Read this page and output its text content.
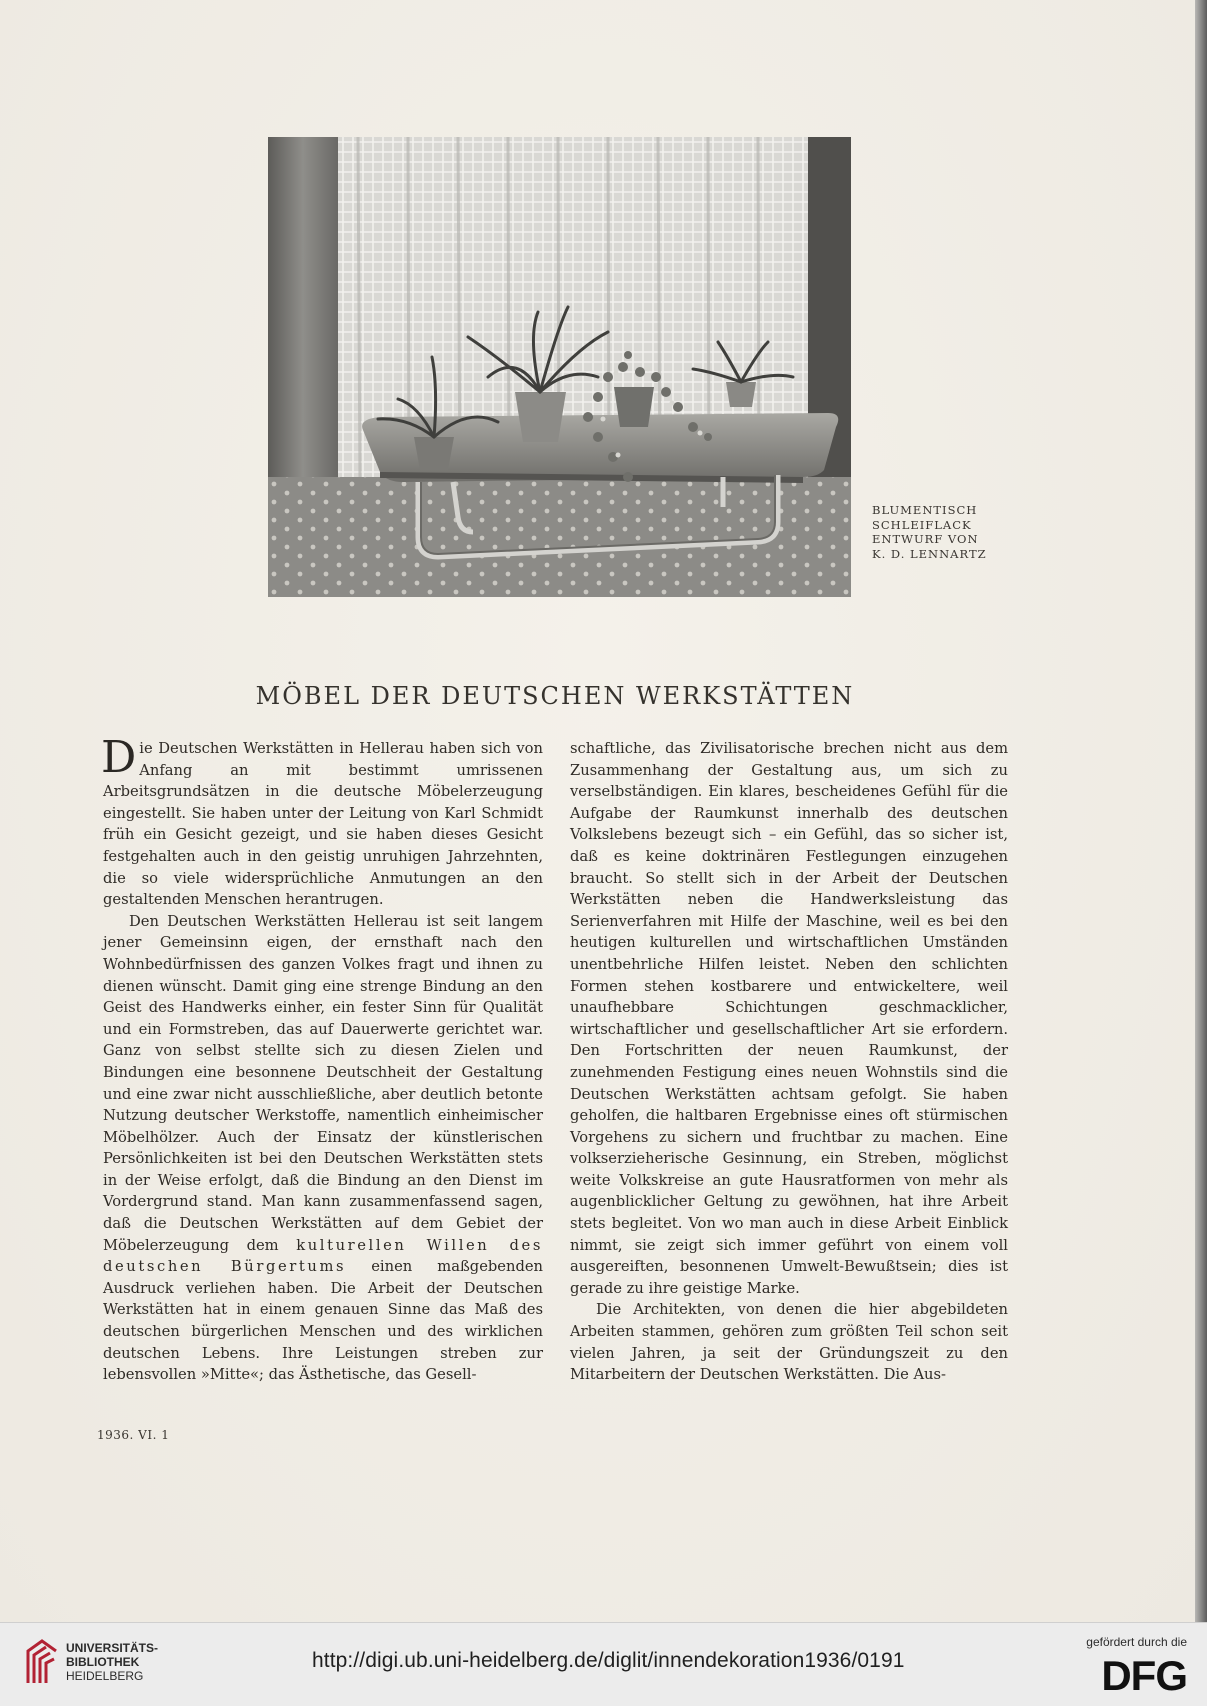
BLUMENTISCH
SCHLEIFLACK
ENTWURF VON
K. D. LENNARTZ
MÖBEL DER DEUTSCHEN WERKSTÄTTEN

Die Deutschen Werkstätten in Hellerau haben sich von Anfang an mit bestimmt umrissenen Arbeitsgrundsätzen in die deutsche Möbelerzeugung eingestellt. Sie haben unter der Leitung von Karl Schmidt früh ein Gesicht gezeigt, und sie haben dieses Gesicht festgehalten auch in den geistig unruhigen Jahrzehnten, die so viele widersprüchliche Anmutungen an den gestaltenden Menschen herantrugen.

Den Deutschen Werkstätten Hellerau ist seit langem jener Gemeinsinn eigen, der ernsthaft nach den Wohnbedürfnissen des ganzen Volkes fragt und ihnen zu dienen wünscht. Damit ging eine strenge Bindung an den Geist des Handwerks einher, ein fester Sinn für Qualität und ein Formstreben, das auf Dauerwerte gerichtet war. Ganz von selbst stellte sich zu diesen Zielen und Bindungen eine besonnene Deutschheit der Gestaltung und eine zwar nicht ausschließliche, aber deutlich betonte Nutzung deutscher Werkstoffe, namentlich einheimischer Möbelhölzer. Auch der Einsatz der künstlerischen Persönlichkeiten ist bei den Deutschen Werkstätten stets in der Weise erfolgt, daß die Bindung an den Dienst im Vordergrund stand. Man kann zusammenfassend sagen, daß die Deutschen Werkstätten auf dem Gebiet der Möbelerzeugung dem kulturellen Willen des deutschen Bürgertums einen maßgebenden Ausdruck verliehen haben. Die Arbeit der Deutschen Werkstätten hat in einem genauen Sinne das Maß des deutschen bürgerlichen Menschen und des wirklichen deutschen Lebens. Ihre Leistungen streben zur lebensvollen »Mitte«; das Ästhetische, das Gesell-

schaftliche, das Zivilisatorische brechen nicht aus dem Zusammenhang der Gestaltung aus, um sich zu verselbständigen. Ein klares, bescheidenes Gefühl für die Aufgabe der Raumkunst innerhalb des deutschen Volkslebens bezeugt sich – ein Gefühl, das so sicher ist, daß es keine doktrinären Festlegungen einzugehen braucht. So stellt sich in der Arbeit der Deutschen Werkstätten neben die Handwerksleistung das Serienverfahren mit Hilfe der Maschine, weil es bei den heutigen kulturellen und wirtschaftlichen Umständen unentbehrliche Hilfen leistet. Neben den schlichten Formen stehen kostbarere und entwickeltere, weil unaufhebbare Schichtungen geschmacklicher, wirtschaftlicher und gesellschaftlicher Art sie erfordern. Den Fortschritten der neuen Raumkunst, der zunehmenden Festigung eines neuen Wohnstils sind die Deutschen Werkstätten achtsam gefolgt. Sie haben geholfen, die haltbaren Ergebnisse eines oft stürmischen Vorgehens zu sichern und fruchtbar zu machen. Eine volkserzieherische Gesinnung, ein Streben, möglichst weite Volkskreise an gute Hausratformen von mehr als augenblicklicher Geltung zu gewöhnen, hat ihre Arbeit stets begleitet. Von wo man auch in diese Arbeit Einblick nimmt, sie zeigt sich immer geführt von einem voll ausgereiften, besonnenen Umwelt-Bewußtsein; dies ist gerade zu ihre geistige Marke.

Die Architekten, von denen die hier abgebildeten Arbeiten stammen, gehören zum größten Teil schon seit vielen Jahren, ja seit der Gründungszeit zu den Mitarbeitern der Deutschen Werkstätten. Die Aus-

1936. VI. 1
UNIVERSITÄTS-
BIBLIOTHEK
HEIDELBERG
http://digi.ub.uni-heidelberg.de/diglit/innendekoration1936/0191
gefördert durch die
DFG
